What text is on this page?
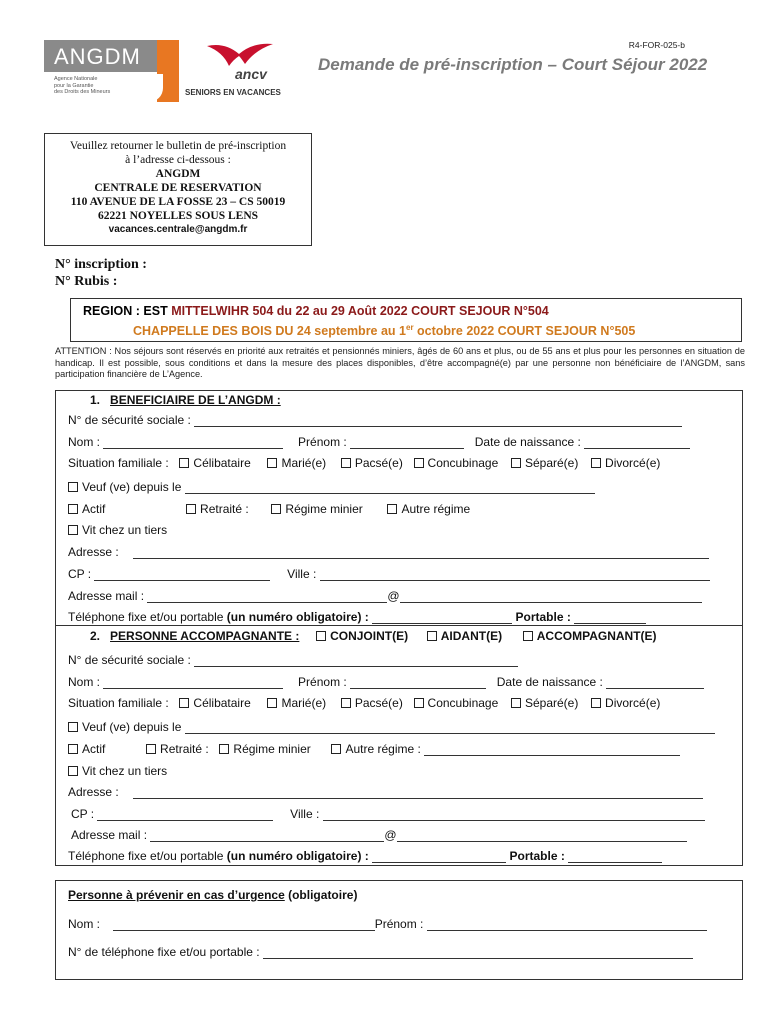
R4-FOR-025-b
ANGDM
Agence Nationale
pour la Garantie
des Droits des Mineurs
ancv
SENIORS EN VACANCES
Demande de pré-inscription – Court Séjour 2022
Veuillez retourner le bulletin de pré-inscription
à l’adresse ci-dessous :
ANGDM
CENTRALE DE RESERVATION
110 AVENUE DE LA FOSSE 23 – CS 50019
62221 NOYELLES SOUS LENS
vacances.centrale@angdm.fr
N° inscription :
N° Rubis :
REGION : EST MITTELWIHR 504 du 22 au 29 Août 2022 COURT SEJOUR N°504
CHAPPELLE DES BOIS DU 24 septembre au 1er octobre 2022 COURT SEJOUR N°505
ATTENTION : Nos séjours sont réservés en priorité aux retraités et pensionnés miniers, âgés de 60 ans et plus, ou de 55 ans et plus pour les personnes en situation de handicap. Il est possible, sous conditions et dans la mesure des places disponibles, d’être accompagné(e) par une personne non bénéficiaire de l’ANGDM, sans participation financière de L’Agence.
1. BENEFICIAIRE DE L’ANGDM :
N° de sécurité sociale :
Nom :	Prénom :	Date de naissance :
Situation familiale : Célibataire	Marié(e) Pacsé(e) Concubinage Séparé(e) Divorcé(e)
Veuf (ve) depuis le
Actif	Retraité :	Régime minier	Autre régime
Vit chez un tiers
Adresse :
CP :	Ville :
Adresse mail :	@
Téléphone fixe et/ou portable (un numéro obligatoire) :	Portable :
2. PERSONNE ACCOMPAGNANTE :	CONJOINT(E)	AIDANT(E)	ACCOMPAGNANT(E)
N° de sécurité sociale :
Nom :	Prénom :	Date de naissance :
Situation familiale : Célibataire	Marié(e) Pacsé(e) Concubinage Séparé(e) Divorcé(e)
Veuf (ve) depuis le
Actif	Retraité : Régime minier	Autre régime :
Vit chez un tiers
Adresse :
CP :	Ville :
Adresse mail :	@
Téléphone fixe et/ou portable (un numéro obligatoire) :	Portable :
Personne à prévenir en cas d’urgence (obligatoire)
Nom :	Prénom :
N° de téléphone fixe et/ou portable :
